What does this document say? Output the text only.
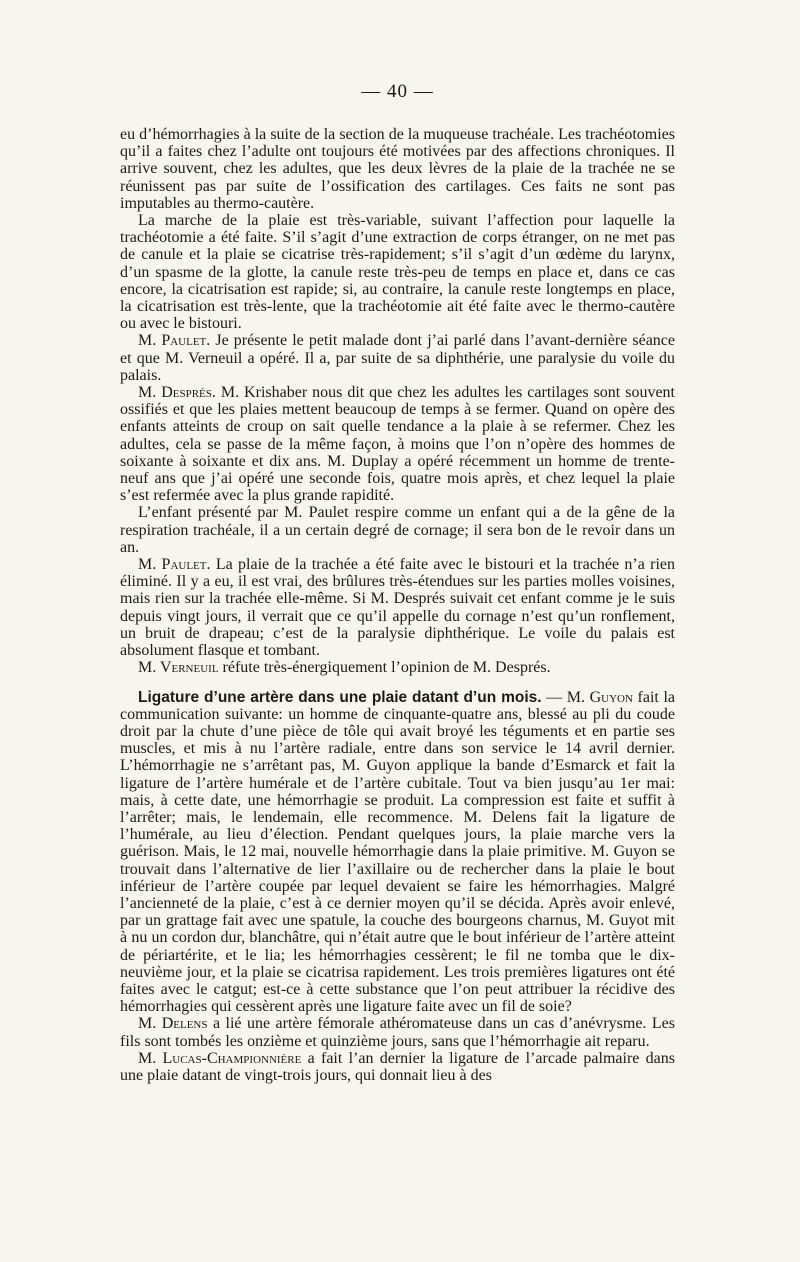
— 40 —

eu d’hémorrhagies à la suite de la section de la muqueuse trachéale. Les trachéotomies qu’il a faites chez l’adulte ont toujours été motivées par des affections chroniques. Il arrive souvent, chez les adultes, que les deux lèvres de la plaie de la trachée ne se réunissent pas par suite de l’ossification des cartilages. Ces faits ne sont pas imputables au thermo-cautère.

La marche de la plaie est très-variable, suivant l’affection pour laquelle la trachéotomie a été faite. S’il s’agit d’une extraction de corps étranger, on ne met pas de canule et la plaie se cicatrise très-rapidement; s’il s’agit d’un œdème du larynx, d’un spasme de la glotte, la canule reste très-peu de temps en place et, dans ce cas encore, la cicatrisation est rapide; si, au contraire, la canule reste longtemps en place, la cicatrisation est très-lente, que la trachéotomie ait été faite avec le thermo-cautère ou avec le bistouri.

M. Paulet. Je présente le petit malade dont j’ai parlé dans l’avant-dernière séance et que M. Verneuil a opéré. Il a, par suite de sa diphthérie, une paralysie du voile du palais.

M. Després. M. Krishaber nous dit que chez les adultes les cartilages sont souvent ossifiés et que les plaies mettent beaucoup de temps à se fermer. Quand on opère des enfants atteints de croup on sait quelle tendance a la plaie à se refermer. Chez les adultes, cela se passe de la même façon, à moins que l’on n’opère des hommes de soixante à soixante et dix ans. M. Duplay a opéré récemment un homme de trente-neuf ans que j’ai opéré une seconde fois, quatre mois après, et chez lequel la plaie s’est refermée avec la plus grande rapidité.

L’enfant présenté par M. Paulet respire comme un enfant qui a de la gêne de la respiration trachéale, il a un certain degré de cornage; il sera bon de le revoir dans un an.

M. Paulet. La plaie de la trachée a été faite avec le bistouri et la trachée n’a rien éliminé. Il y a eu, il est vrai, des brûlures très-étendues sur les parties molles voisines, mais rien sur la trachée elle-même. Si M. Després suivait cet enfant comme je le suis depuis vingt jours, il verrait que ce qu’il appelle du cornage n’est qu’un ronflement, un bruit de drapeau; c’est de la paralysie diphthérique. Le voile du palais est absolument flasque et tombant.

M. Verneuil réfute très-énergiquement l’opinion de M. Després.

Ligature d’une artère dans une plaie datant d’un mois. — M. Guyon fait la communication suivante: un homme de cinquante-quatre ans, blessé au pli du coude droit par la chute d’une pièce de tôle qui avait broyé les téguments et en partie ses muscles, et mis à nu l’artère radiale, entre dans son service le 14 avril dernier. L’hémorrhagie ne s’arrêtant pas, M. Guyon applique la bande d’Esmarck et fait la ligature de l’artère humérale et de l’artère cubitale. Tout va bien jusqu’au 1er mai: mais, à cette date, une hémorrhagie se produit. La compression est faite et suffit à l’arrêter; mais, le lendemain, elle recommence. M. Delens fait la ligature de l’humérale, au lieu d’élection. Pendant quelques jours, la plaie marche vers la guérison. Mais, le 12 mai, nouvelle hémorrhagie dans la plaie primitive. M. Guyon se trouvait dans l’alternative de lier l’axillaire ou de rechercher dans la plaie le bout inférieur de l’artère coupée par lequel devaient se faire les hémorrhagies. Malgré l’ancienneté de la plaie, c’est à ce dernier moyen qu’il se décida. Après avoir enlevé, par un grattage fait avec une spatule, la couche des bourgeons charnus, M. Guyot mit à nu un cordon dur, blanchâtre, qui n’était autre que le bout inférieur de l’artère atteint de périartérite, et le lia; les hémorrhagies cessèrent; le fil ne tomba que le dix-neuvième jour, et la plaie se cicatrisa rapidement. Les trois premières ligatures ont été faites avec le catgut; est-ce à cette substance que l’on peut attribuer la récidive des hémorrhagies qui cessèrent après une ligature faite avec un fil de soie?

M. Delens a lié une artère fémorale athéromateuse dans un cas d’anévrysme. Les fils sont tombés les onzième et quinzième jours, sans que l’hémorrhagie ait reparu.

M. Lucas-Championnière a fait l’an dernier la ligature de l’arcade palmaire dans une plaie datant de vingt-trois jours, qui donnait lieu à des
